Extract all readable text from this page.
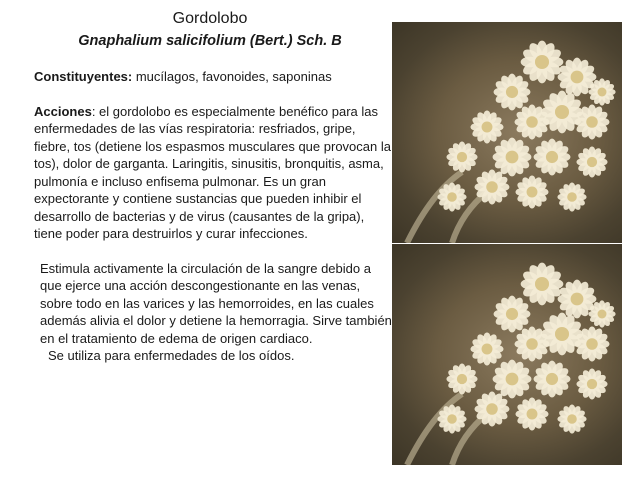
Gordolobo
Gnaphalium salicifolium (Bert.) Sch. B

Constituyentes: mucílagos, favonoides, saponinas

Acciones: el gordolobo es especialmente benéfico para las enfermedades de las vías respiratoria: resfriados, gripe, fiebre, tos (detiene los espasmos musculares que provocan la tos), dolor de garganta. Laringitis, sinusitis, bronquitis, asma, pulmonía e incluso enfisema pulmonar. Es un gran expectorante y contiene sustancias que pueden inhibir el desarrollo de bacterias y de virus (causantes de la gripa), tiene poder para destruirlos y curar infecciones.

Estimula activamente la circulación de la sangre debido a que ejerce una acción descongestionante en las venas, sobre todo en las varices y las hemorroides, en las cuales además alivia el dolor y detiene la hemorragia. Sirve también en el tratamiento de edema de origen cardiaco.

Se utiliza para enfermedades de los oídos.
